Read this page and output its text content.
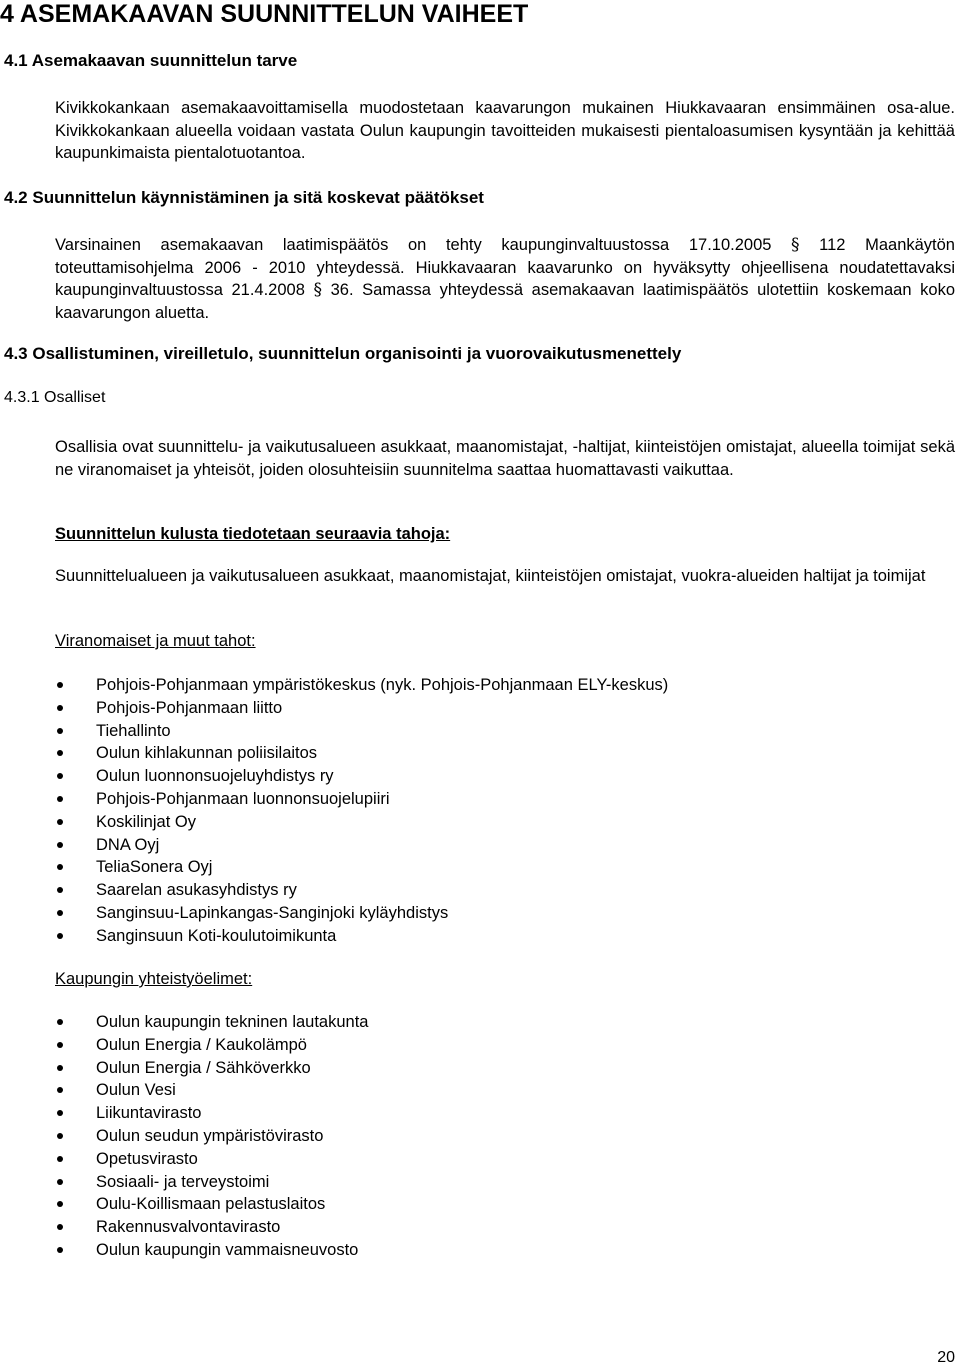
4 ASEMAKAAVAN SUUNNITTELUN VAIHEET
4.1 Asemakaavan suunnittelun tarve

Kivikkokankaan asemakaavoittamisella muodostetaan kaavarungon mukainen Hiukkavaaran ensimmäinen osa-alue. Kivikkokankaan alueella voidaan vastata Oulun kaupungin tavoitteiden mukaisesti pientaloasumisen kysyntään ja kehittää kaupunkimaista pientalotuotantoa.

4.2 Suunnittelun käynnistäminen ja sitä koskevat päätökset

Varsinainen asemakaavan laatimispäätös on tehty kaupunginvaltuustossa 17.10.2005 § 112 Maankäytön toteuttamisohjelma 2006 - 2010 yhteydessä. Hiukkavaaran kaavarunko on hyväksytty ohjeellisena noudatettavaksi kaupunginvaltuustossa 21.4.2008 § 36. Samassa yhteydessä asemakaavan laatimispäätös ulotettiin koskemaan koko kaavarungon aluetta.

4.3 Osallistuminen, vireilletulo, suunnittelun organisointi ja vuorovaikutusmenettely
4.3.1 Osalliset

Osallisia ovat suunnittelu- ja vaikutusalueen asukkaat, maanomistajat, -haltijat, kiinteistöjen omistajat, alueella toimijat sekä ne viranomaiset ja yhteisöt, joiden olosuhteisiin suunnitelma saattaa huomattavasti vaikuttaa.

Suunnittelun kulusta tiedotetaan seuraavia tahoja:

Suunnittelualueen ja vaikutusalueen asukkaat, maanomistajat, kiinteistöjen omistajat, vuokra-alueiden haltijat ja toimijat

Viranomaiset ja muut tahot:
Pohjois-Pohjanmaan ympäristökeskus (nyk. Pohjois-Pohjanmaan ELY-keskus)
Pohjois-Pohjanmaan liitto
Tiehallinto
Oulun kihlakunnan poliisilaitos
Oulun luonnonsuojeluyhdistys ry
Pohjois-Pohjanmaan luonnonsuojelupiiri
Koskilinjat Oy
DNA Oyj
TeliaSonera Oyj
Saarelan asukasyhdistys ry
Sanginsuu-Lapinkangas-Sanginjoki kyläyhdistys
Sanginsuun Koti-koulutoimikunta
Kaupungin yhteistyöelimet:
Oulun kaupungin tekninen lautakunta
Oulun Energia / Kaukolämpö
Oulun Energia / Sähköverkko
Oulun Vesi
Liikuntavirasto
Oulun seudun ympäristövirasto
Opetusvirasto
Sosiaali- ja terveystoimi
Oulu-Koillismaan pelastuslaitos
Rakennusvalvontavirasto
Oulun kaupungin vammaisneuvosto
20
